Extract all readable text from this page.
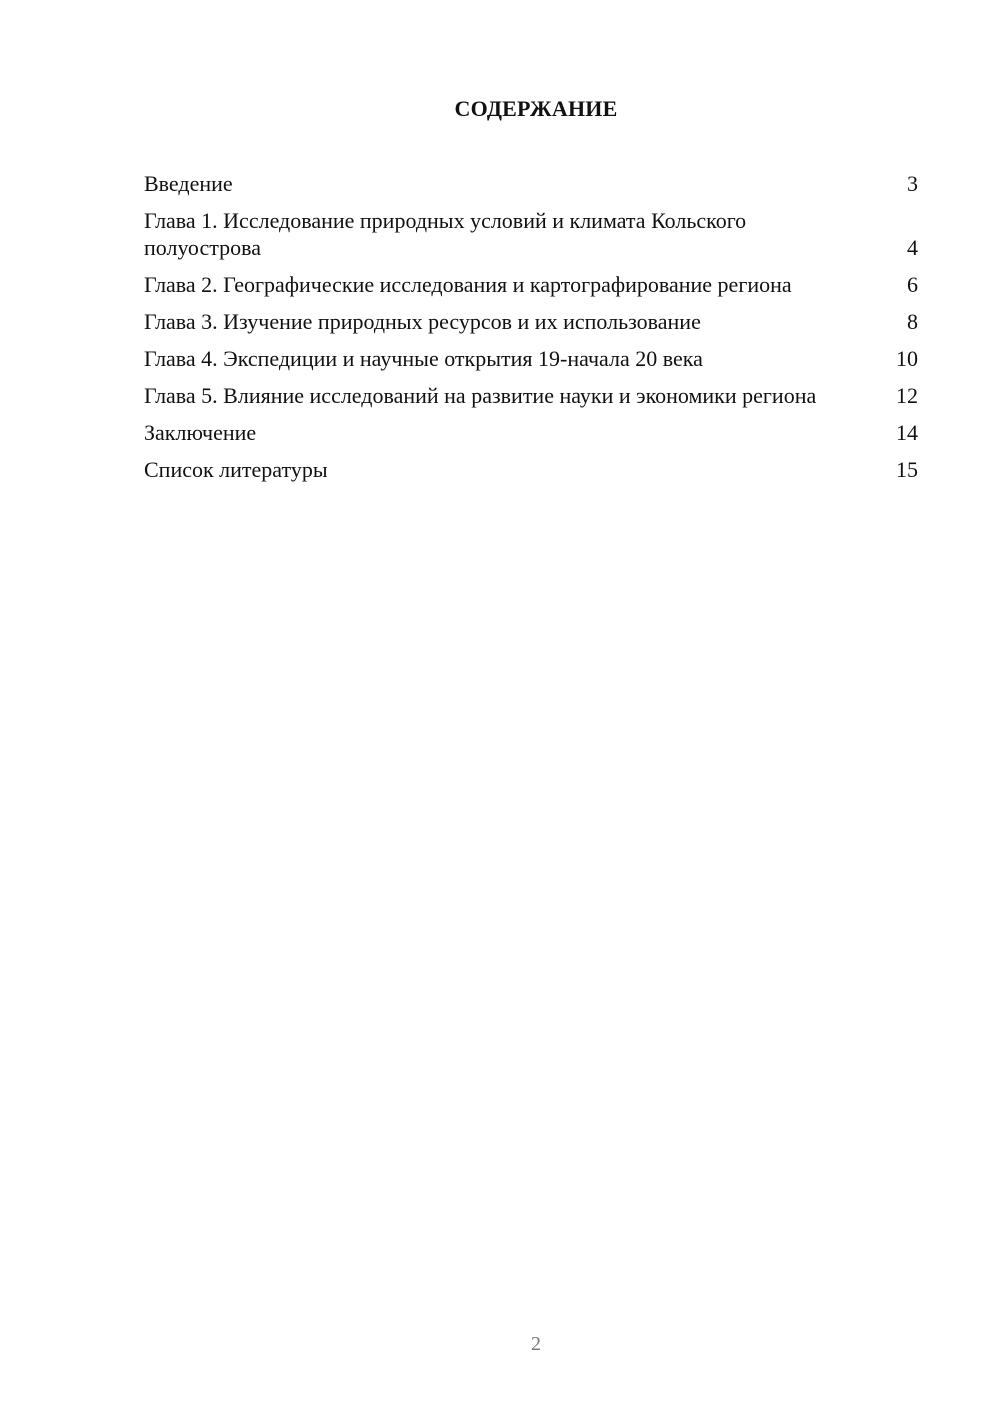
СОДЕРЖАНИЕ
Введение	3
Глава 1. Исследование природных условий и климата Кольского полуострова	4
Глава 2. Географические исследования и картографирование региона	6
Глава 3. Изучение природных ресурсов и их использование	8
Глава 4. Экспедиции и научные открытия 19-начала 20 века	10
Глава 5. Влияние исследований на развитие науки и экономики региона	12
Заключение	14
Список литературы	15
2
